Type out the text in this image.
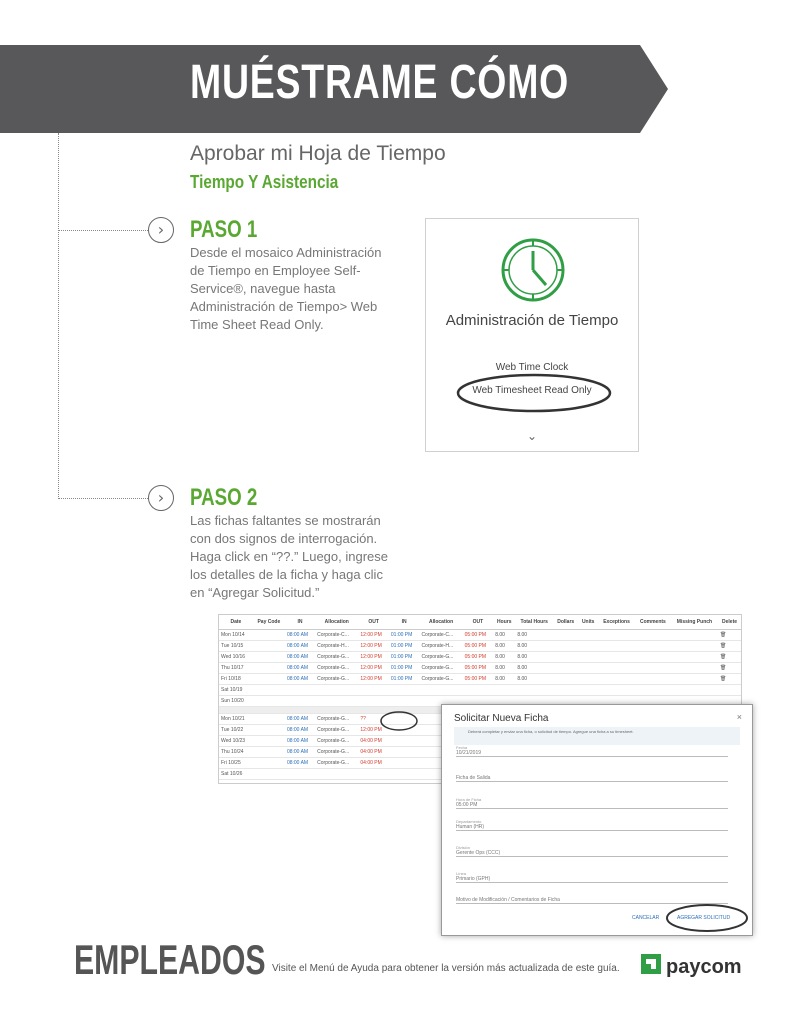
MUÉSTRAME CÓMO
›
›
Aprobar mi Hoja de Tiempo
Tiempo Y Asistencia
PASO 1
Desde el mosaico Administración de Tiempo en Employee Self-Service®, navegue hasta Administración de Tiempo> Web Time Sheet Read Only.	Administración de Tiempo
Web Time Clock
Web Timesheet Read Only
⌄
PASO 2
Las fichas faltantes se mostrarán con dos signos de interrogación. Haga click en “??.” Luego, ingrese los detalles de la ficha y haga clic en “Agregar Solicitud.”
Date	Pay Code	IN	Allocation	OUT	IN	Allocation	OUT	Hours	Total Hours	Dollars	Units	Exceptions	Comments	Missing Punch	Delete
Mon 10/14		08:00 AM	Corporate-C...	12:00 PM	01:00 PM	Corporate-C...	05:00 PM	8.00	8.00						🗑
Tue 10/15		08:00 AM	Corporate-H...	12:00 PM	01:00 PM	Corporate-H...	05:00 PM	8.00	8.00						🗑
Wed 10/16		08:00 AM	Corporate-G...	12:00 PM	01:00 PM	Corporate-G...	05:00 PM	8.00	8.00						🗑
Thu 10/17		08:00 AM	Corporate-G...	12:00 PM	01:00 PM	Corporate-G...	05:00 PM	8.00	8.00						🗑
Fri 10/18		08:00 AM	Corporate-G...	12:00 PM	01:00 PM	Corporate-G...	05:00 PM	8.00	8.00						🗑
Sat 10/19															
Sun 10/20															

Mon 10/21		08:00 AM	Corporate-G...	??											
Tue 10/22		08:00 AM	Corporate-G...	12:00 PM											
Wed 10/23		08:00 AM	Corporate-G...	04:00 PM											
Thu 10/24		08:00 AM	Corporate-G...	04:00 PM											
Fri 10/25		08:00 AM	Corporate-G...	04:00 PM											
Sat 10/26															
Solicitar Nueva Ficha	×
Deberá completar y enviar una ficha, o solicitud de tiempo. Agregue una ficha a su timesheet.
Fecha
10/21/2019
Ficha de Salida
Hora de Ficha
05:00 PM
Departamento
Human (HR)
División
Gerente Ops (CCC)
Línea
Primario (GPH)
Motivo de Modificación / Comentarios de Ficha
CANCELAR	AGREGAR SOLICITUD
EMPLEADOS Visite el Menú de Ayuda para obtener la versión más actualizada de este guía. paycom
